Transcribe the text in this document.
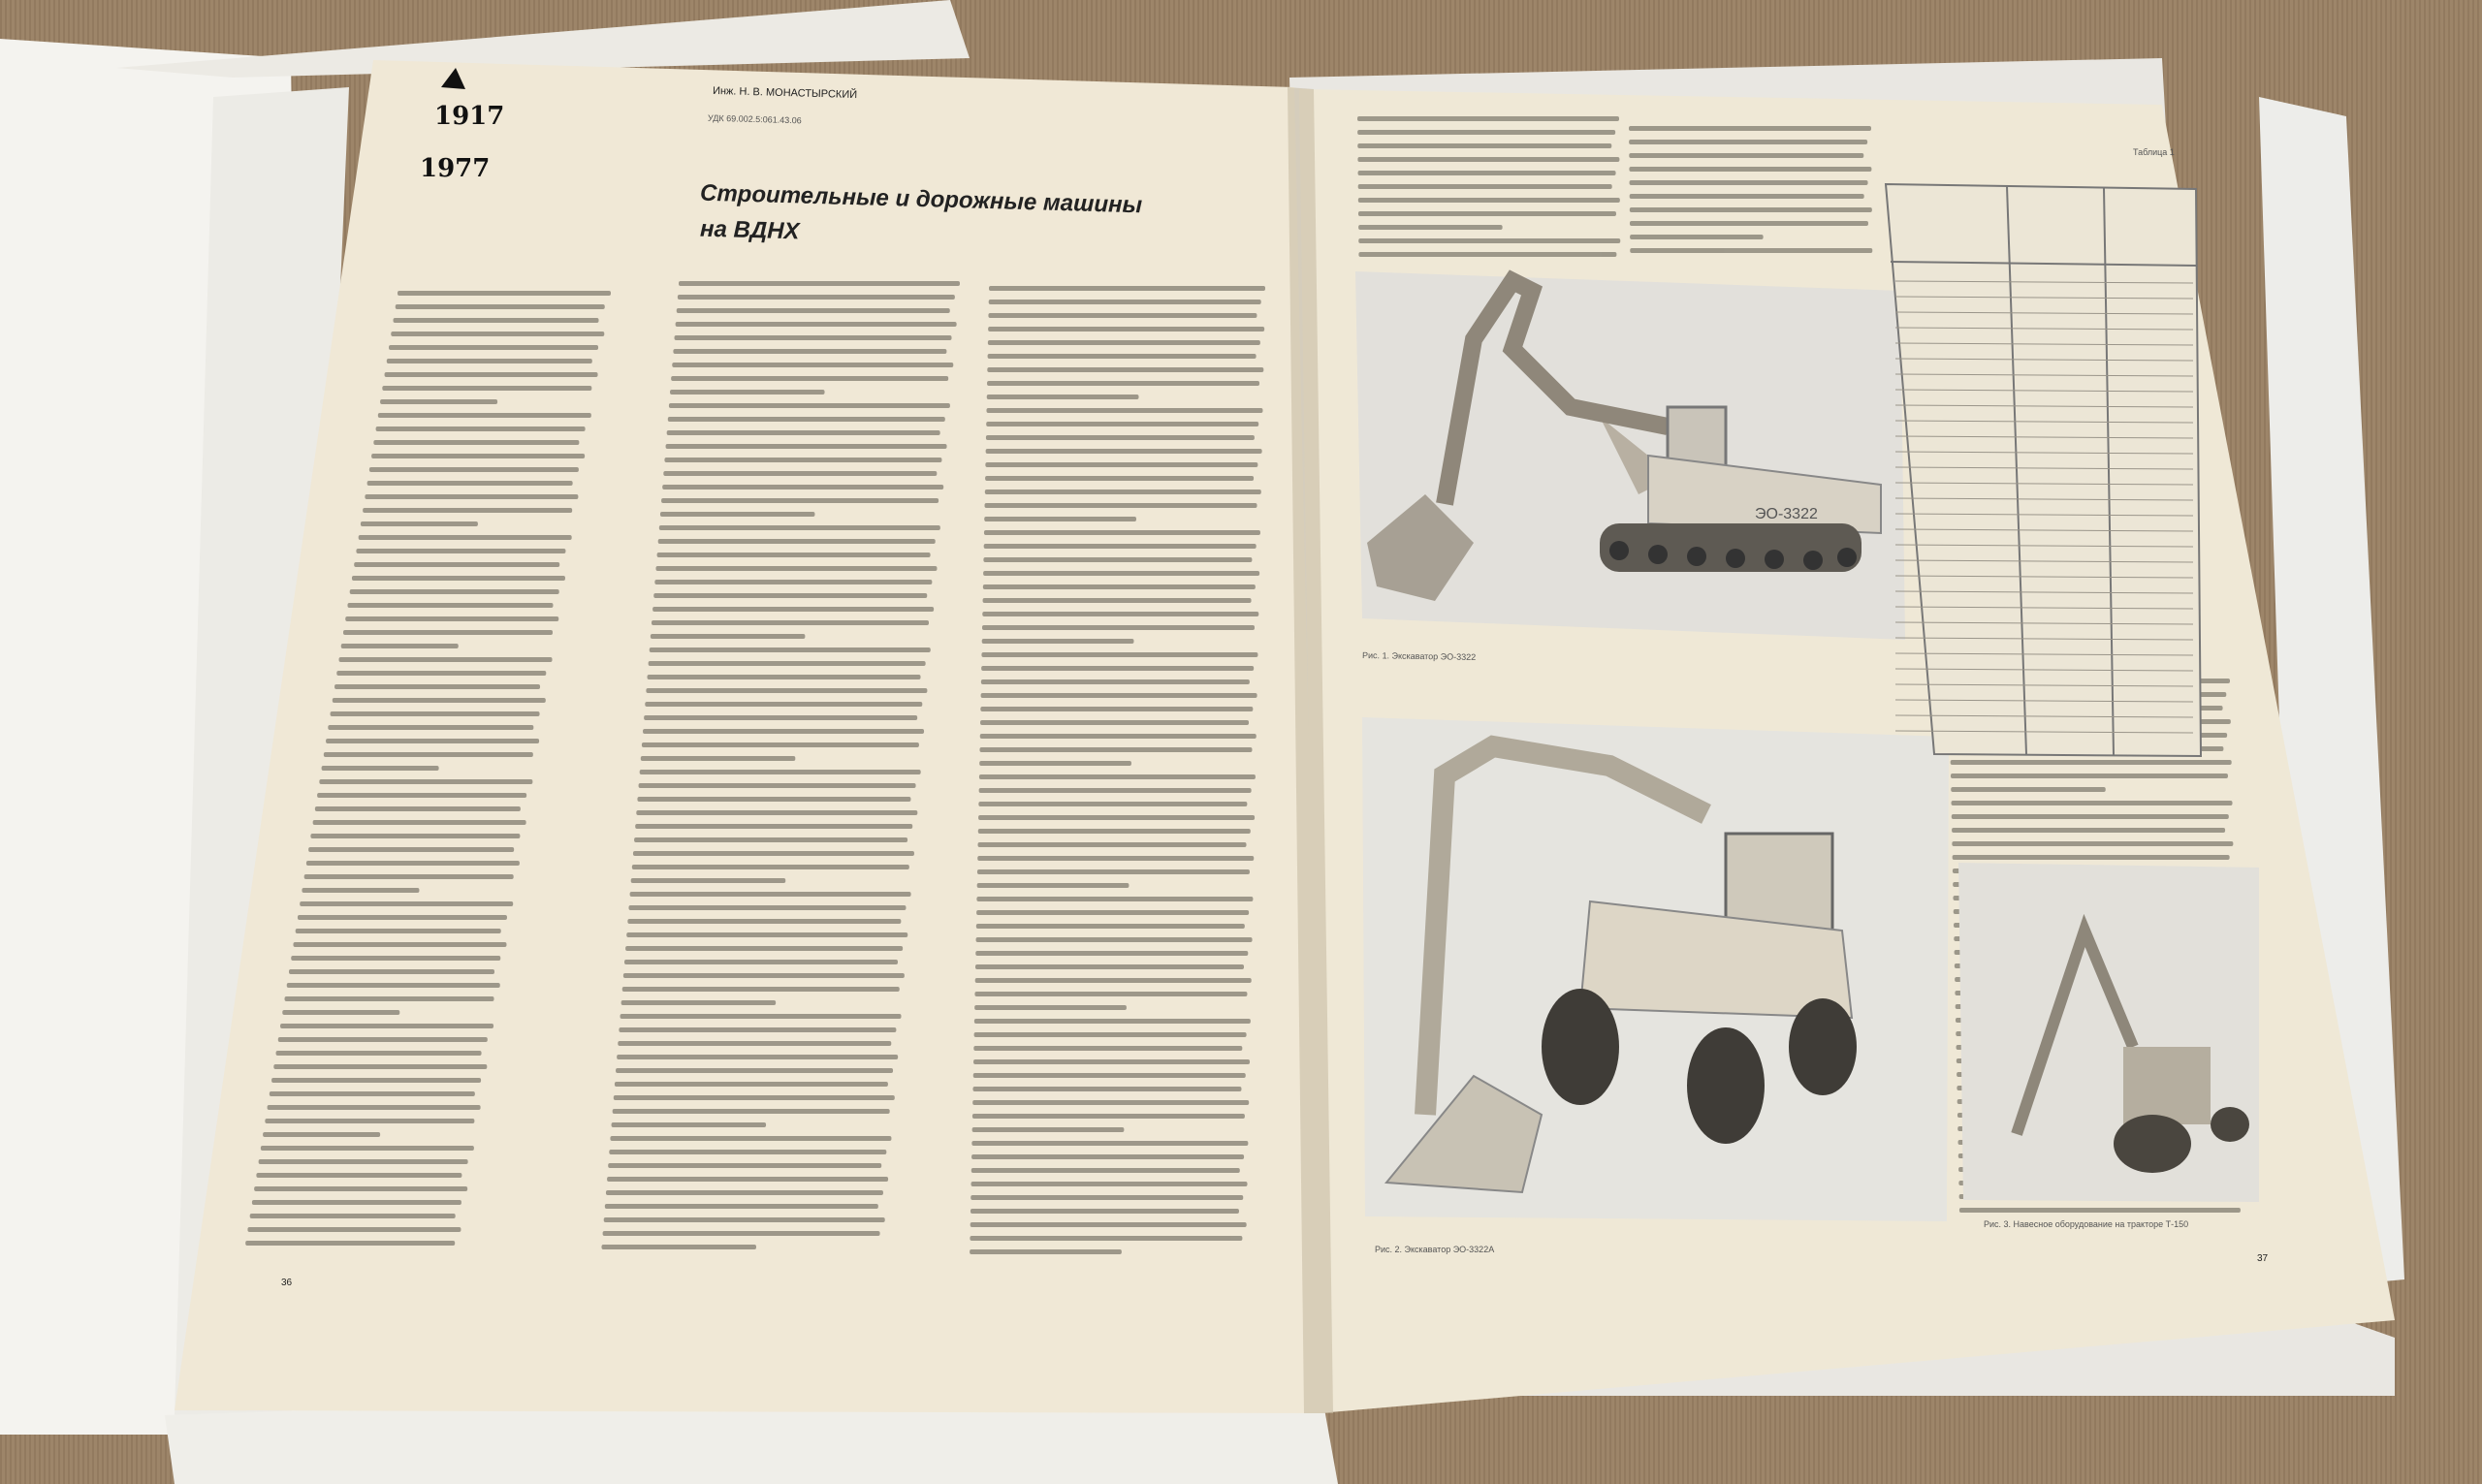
ЭО-3322
1917
1977
Инж. Н. В. МОНАСТЫРСКИЙ
УДК 69.002.5:061.43.06
Строительные и дорожные машины
на ВДНХ
36
37
Рис. 1. Экскаватор ЭО-3322
Рис. 2. Экскаватор ЭО-3322А
Рис. 3. Навесное оборудование на тракторе Т-150
Таблица 1
